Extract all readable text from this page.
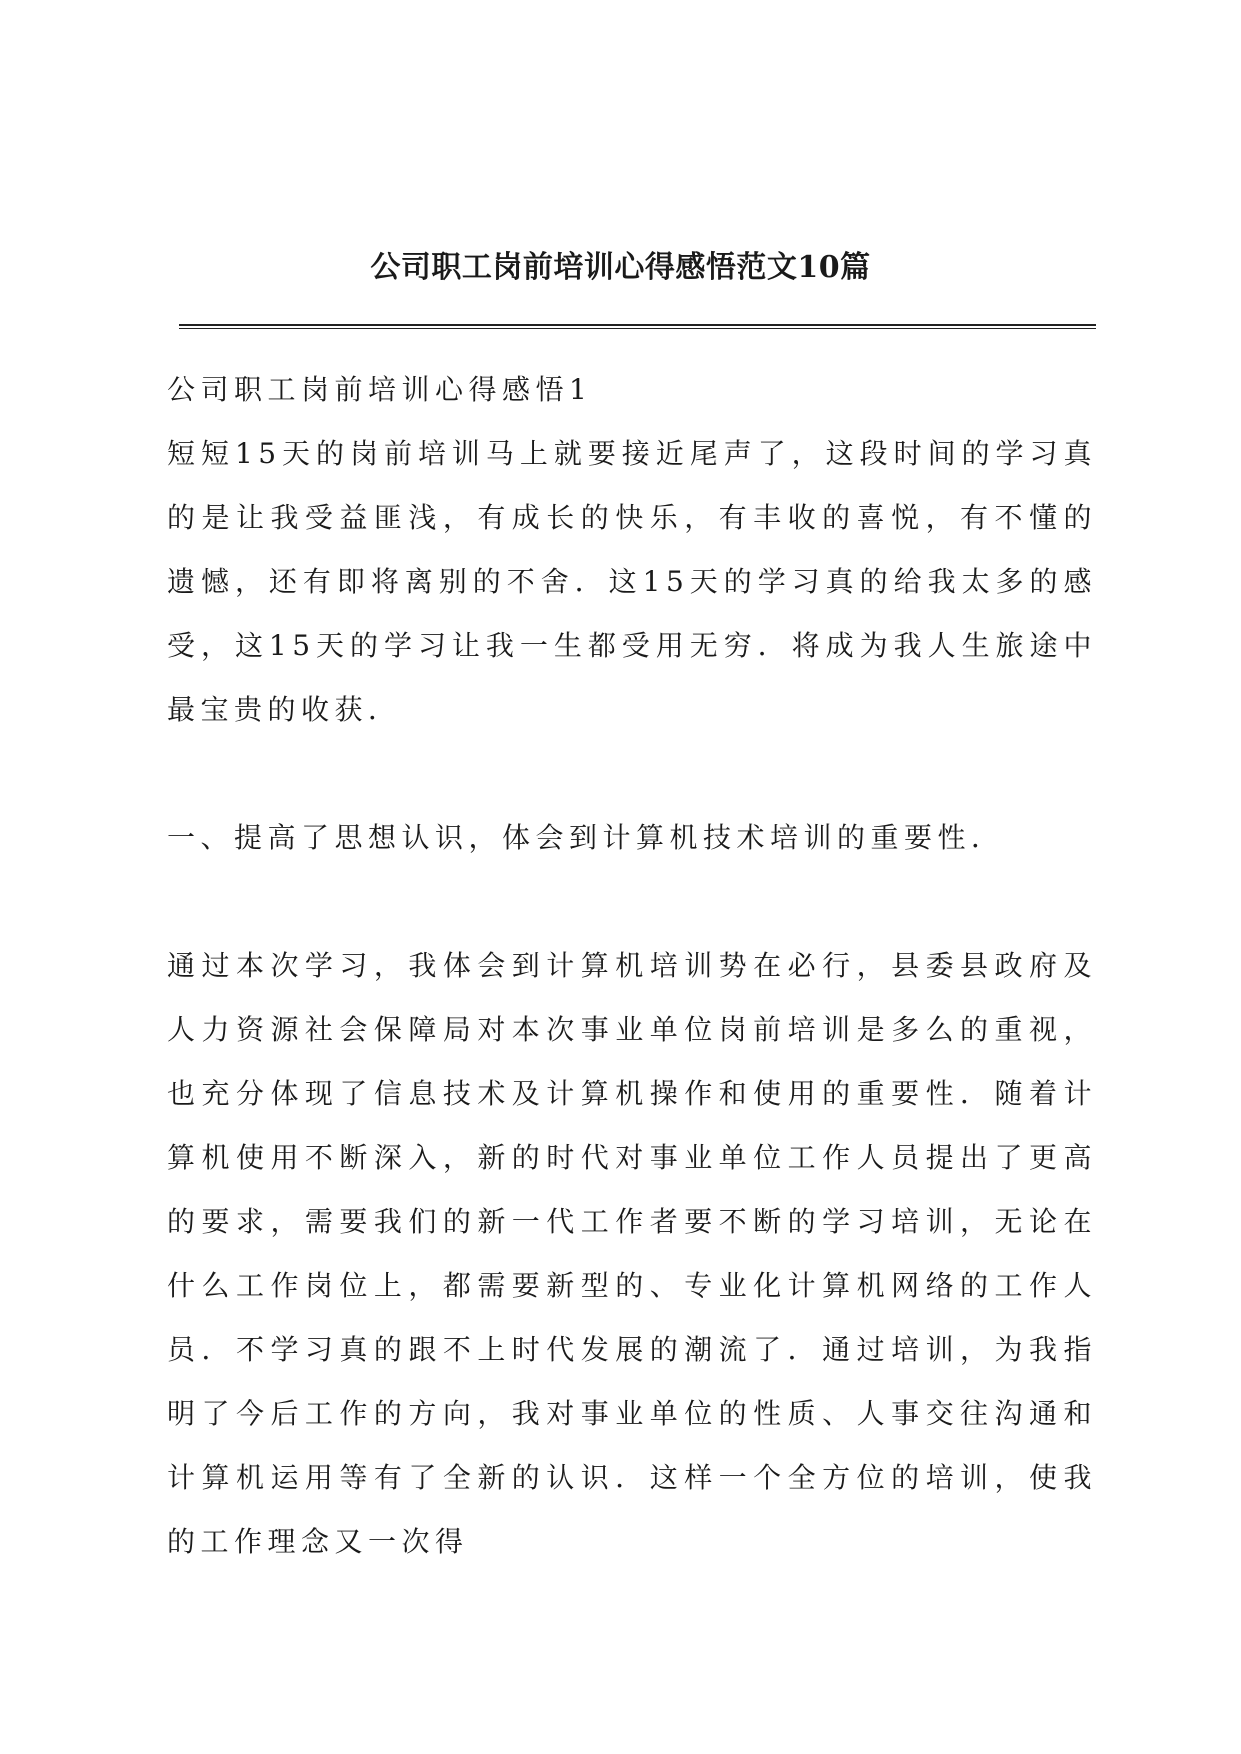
公司职工岗前培训心得感悟范文10篇

公司职工岗前培训心得感悟1

短短15天的岗前培训马上就要接近尾声了，这段时间的学习真的是让我受益匪浅，有成长的快乐，有丰收的喜悦，有不懂的遗憾，还有即将离别的不舍．这15天的学习真的给我太多的感受，这15天的学习让我一生都受用无穷．将成为我人生旅途中最宝贵的收获．

一、提高了思想认识，体会到计算机技术培训的重要性．

通过本次学习，我体会到计算机培训势在必行，县委县政府及人力资源社会保障局对本次事业单位岗前培训是多么的重视，也充分体现了信息技术及计算机操作和使用的重要性．随着计算机使用不断深入，新的时代对事业单位工作人员提出了更高的要求，需要我们的新一代工作者要不断的学习培训，无论在什么工作岗位上，都需要新型的、专业化计算机网络的工作人员．不学习真的跟不上时代发展的潮流了．通过培训，为我指明了今后工作的方向，我对事业单位的性质、人事交往沟通和计算机运用等有了全新的认识．这样一个全方位的培训，使我的工作理念又一次得
